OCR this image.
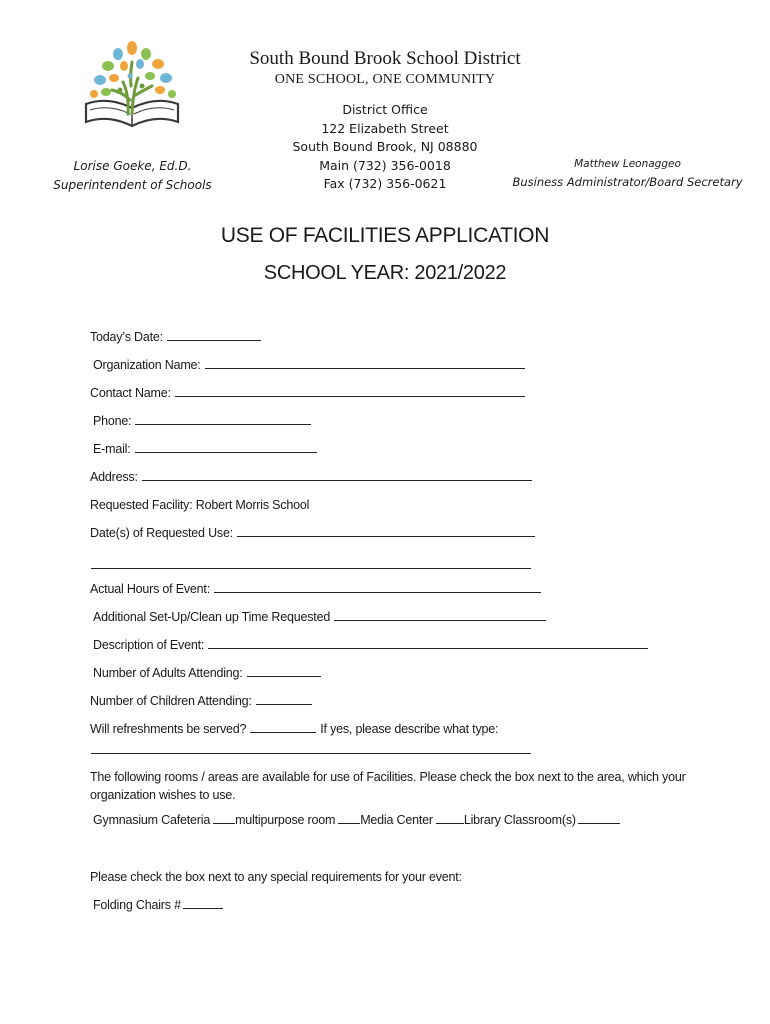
South Bound Brook School District
ONE SCHOOL, ONE COMMUNITY
District Office
122 Elizabeth Street
South Bound Brook, NJ 08880
Main (732) 356-0018
Fax (732) 356-0621
Lorise Goeke, Ed.D.
Superintendent of Schools
Matthew Leonaggeo
Business Administrator/Board Secretary
USE OF FACILITIES APPLICATION
SCHOOL YEAR: 2021/2022
Today’s Date:
Organization Name:
Contact Name:
Phone:
E-mail:
Address:
Requested Facility: Robert Morris School
Date(s) of Requested Use:
Actual Hours of Event:
Additional Set-Up/Clean up Time Requested
Description of Event:
Number of Adults Attending:
Number of Children Attending:
Will refreshments be served?	If yes, please describe what type:
The following rooms / areas are available for use of Facilities. Please check the box next to the area, which your organization wishes to use.
Gymnasium Cafeteria multipurpose room Media Center Library Classroom(s)
Please check the box next to any special requirements for your event:
Folding Chairs #
